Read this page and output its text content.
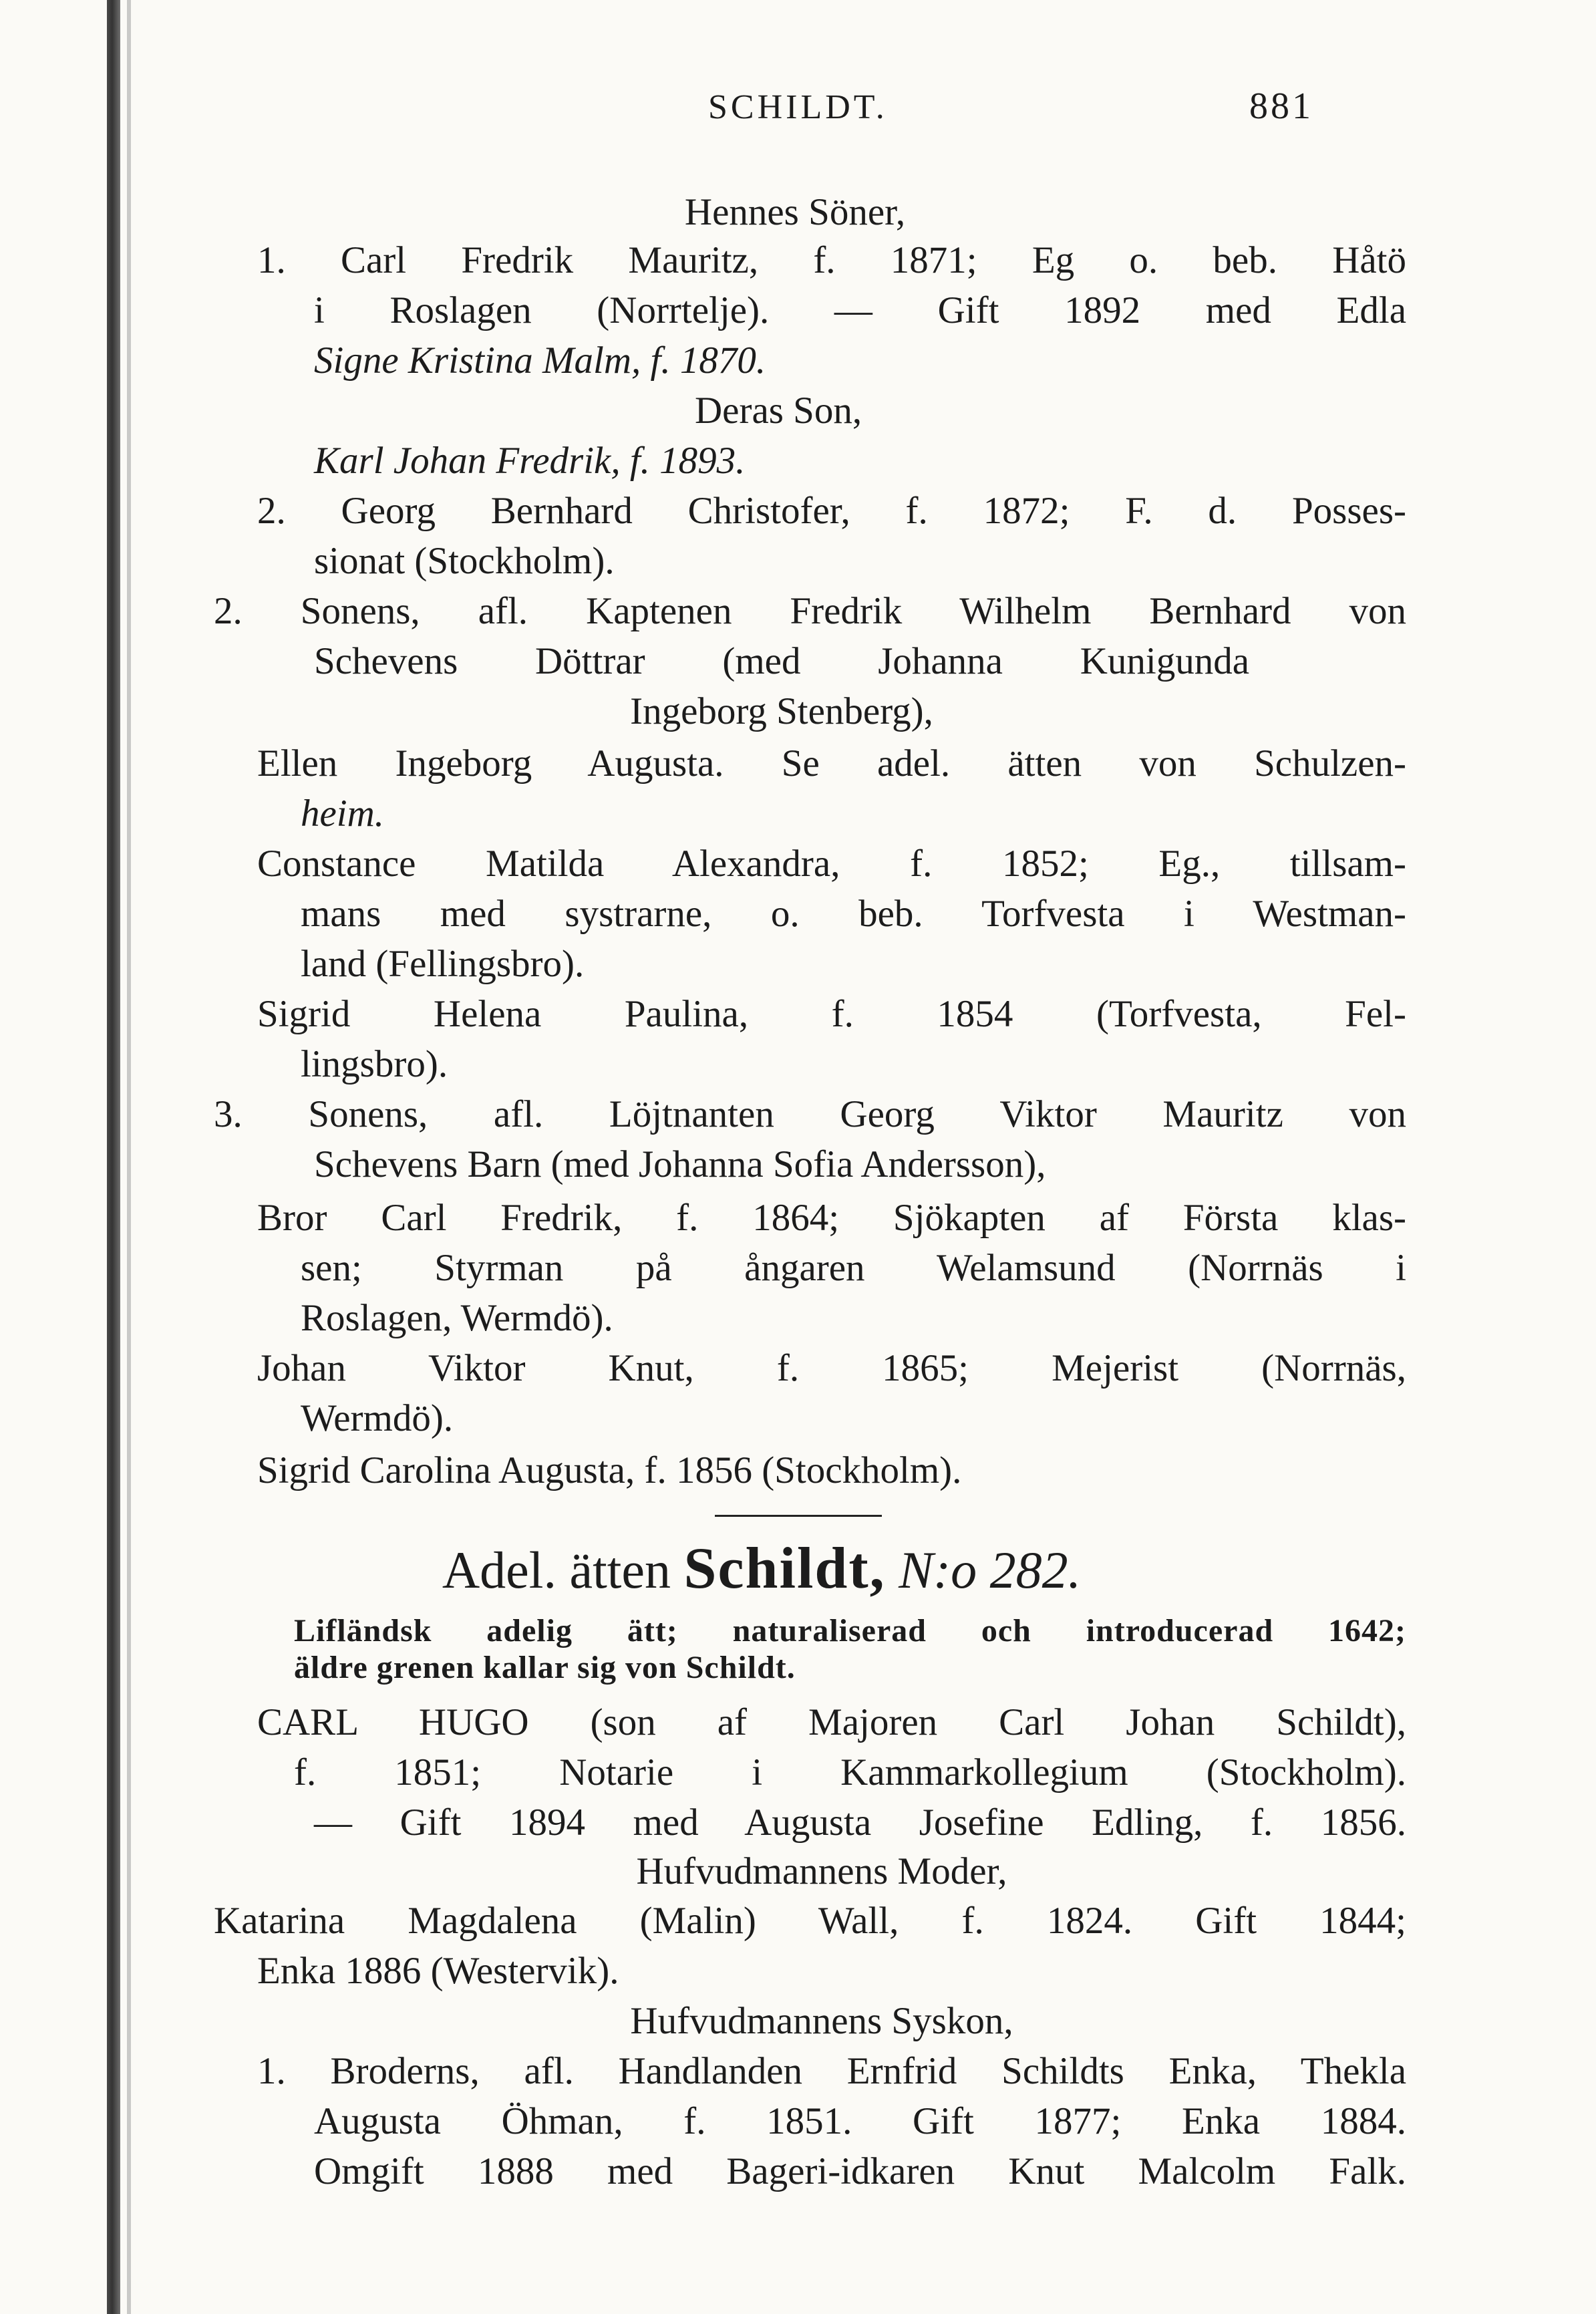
SCHILDT.	881
Hennes Söner,
1. Carl Fredrik Mauritz, f. 1871; Eg o. beb. Håtö
i Roslagen (Norrtelje). — Gift 1892 med Edla
Signe Kristina Malm, f. 1870.
Deras Son,
Karl Johan Fredrik, f. 1893.
2. Georg Bernhard Christofer, f. 1872; F. d. Posses-
sionat (Stockholm).
2. Sonens, afl. Kaptenen Fredrik Wilhelm Bernhard von
Schevens Döttrar (med Johanna Kunigunda
Ingeborg Stenberg),
Ellen Ingeborg Augusta. Se adel. ätten von Schulzen-
heim.
Constance Matilda Alexandra, f. 1852; Eg., tillsam-
mans med systrarne, o. beb. Torfvesta i Westman-
land (Fellingsbro).
Sigrid Helena Paulina, f. 1854 (Torfvesta, Fel-
lingsbro).
3. Sonens, afl. Löjtnanten Georg Viktor Mauritz von
Schevens Barn (med Johanna Sofia Andersson),
Bror Carl Fredrik, f. 1864; Sjökapten af Första klas-
sen; Styrman på ångaren Welamsund (Norrnäs i
Roslagen, Wermdö).
Johan Viktor Knut, f. 1865; Mejerist (Norrnäs,
Wermdö).
Sigrid Carolina Augusta, f. 1856 (Stockholm).
Adel. ätten Schildt, N:o 282.
Lifländsk adelig ätt; naturaliserad och introducerad 1642;
äldre grenen kallar sig von Schildt.
CARL HUGO (son af Majoren Carl Johan Schildt),
f. 1851; Notarie i Kammarkollegium (Stockholm).
— Gift 1894 med Augusta Josefine Edling, f. 1856.
Hufvudmannens Moder,
Katarina Magdalena (Malin) Wall, f. 1824. Gift 1844;
Enka 1886 (Westervik).
Hufvudmannens Syskon,
1. Broderns, afl. Handlanden Ernfrid Schildts Enka, Thekla
Augusta Öhman, f. 1851. Gift 1877; Enka 1884.
Omgift 1888 med Bageri-idkaren Knut Malcolm Falk.
